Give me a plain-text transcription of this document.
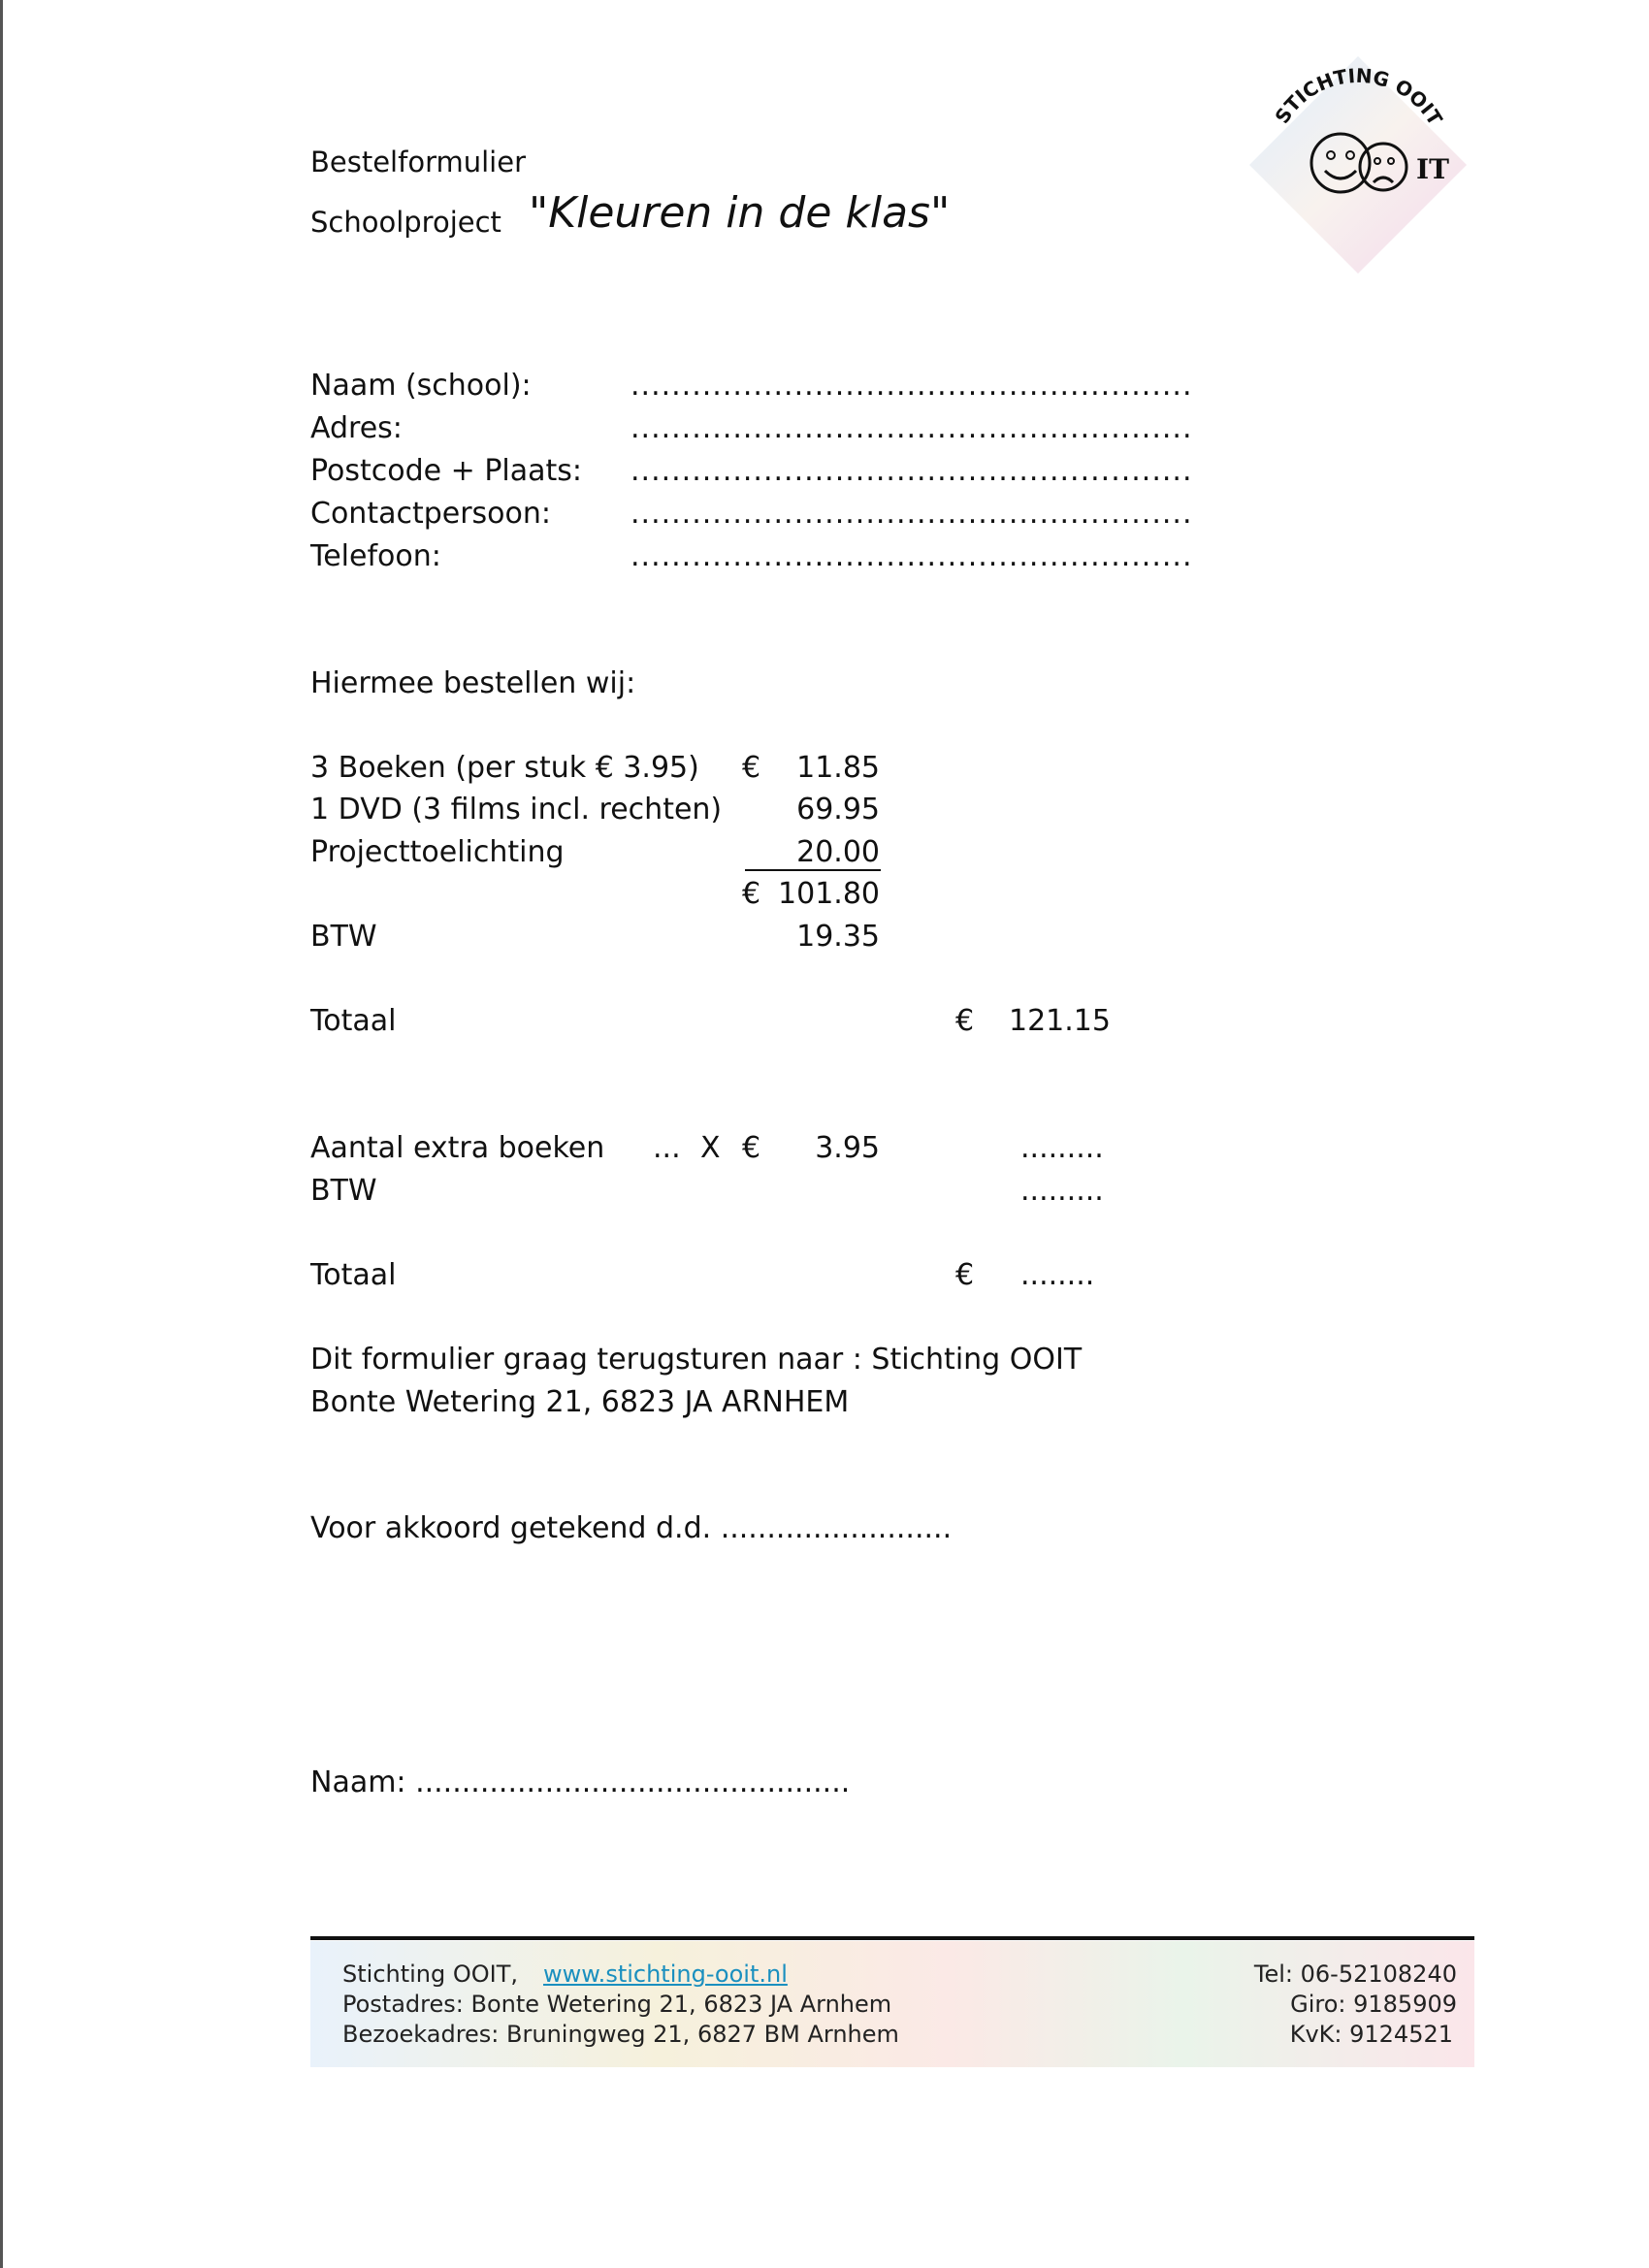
Bestelformulier
Schoolproject "Kleuren in de klas"
STICHTING OOIT
IT
Naam (school):	.......................................................
Adres:	.......................................................
Postcode + Plaats: .......................................................
Contactpersoon:	.......................................................
Telefoon:	.......................................................
Hiermee bestellen wij:
3 Boeken (per stuk € 3.95) €	11.85
1 DVD (3 films incl. rechten)	69.95
Projecttoelichting	20.00
€ 101.80
BTW	19.35
Totaal	€ 121.15
Aantal extra boeken ... X €	3.95	.........
BTW	.........
Totaal	€ ........
Dit formulier graag terugsturen naar : Stichting OOIT
Bonte Wetering 21, 6823 JA ARNHEM
Voor akkoord getekend d.d. .........................
Naam: ...............................................
Stichting OOIT, www.stichting-ooit.nl
Postadres: Bonte Wetering 21, 6823 JA Arnhem
Bezoekadres: Bruningweg 21, 6827 BM Arnhem
Tel: 06-52108240
Giro: 9185909
KvK: 9124521
